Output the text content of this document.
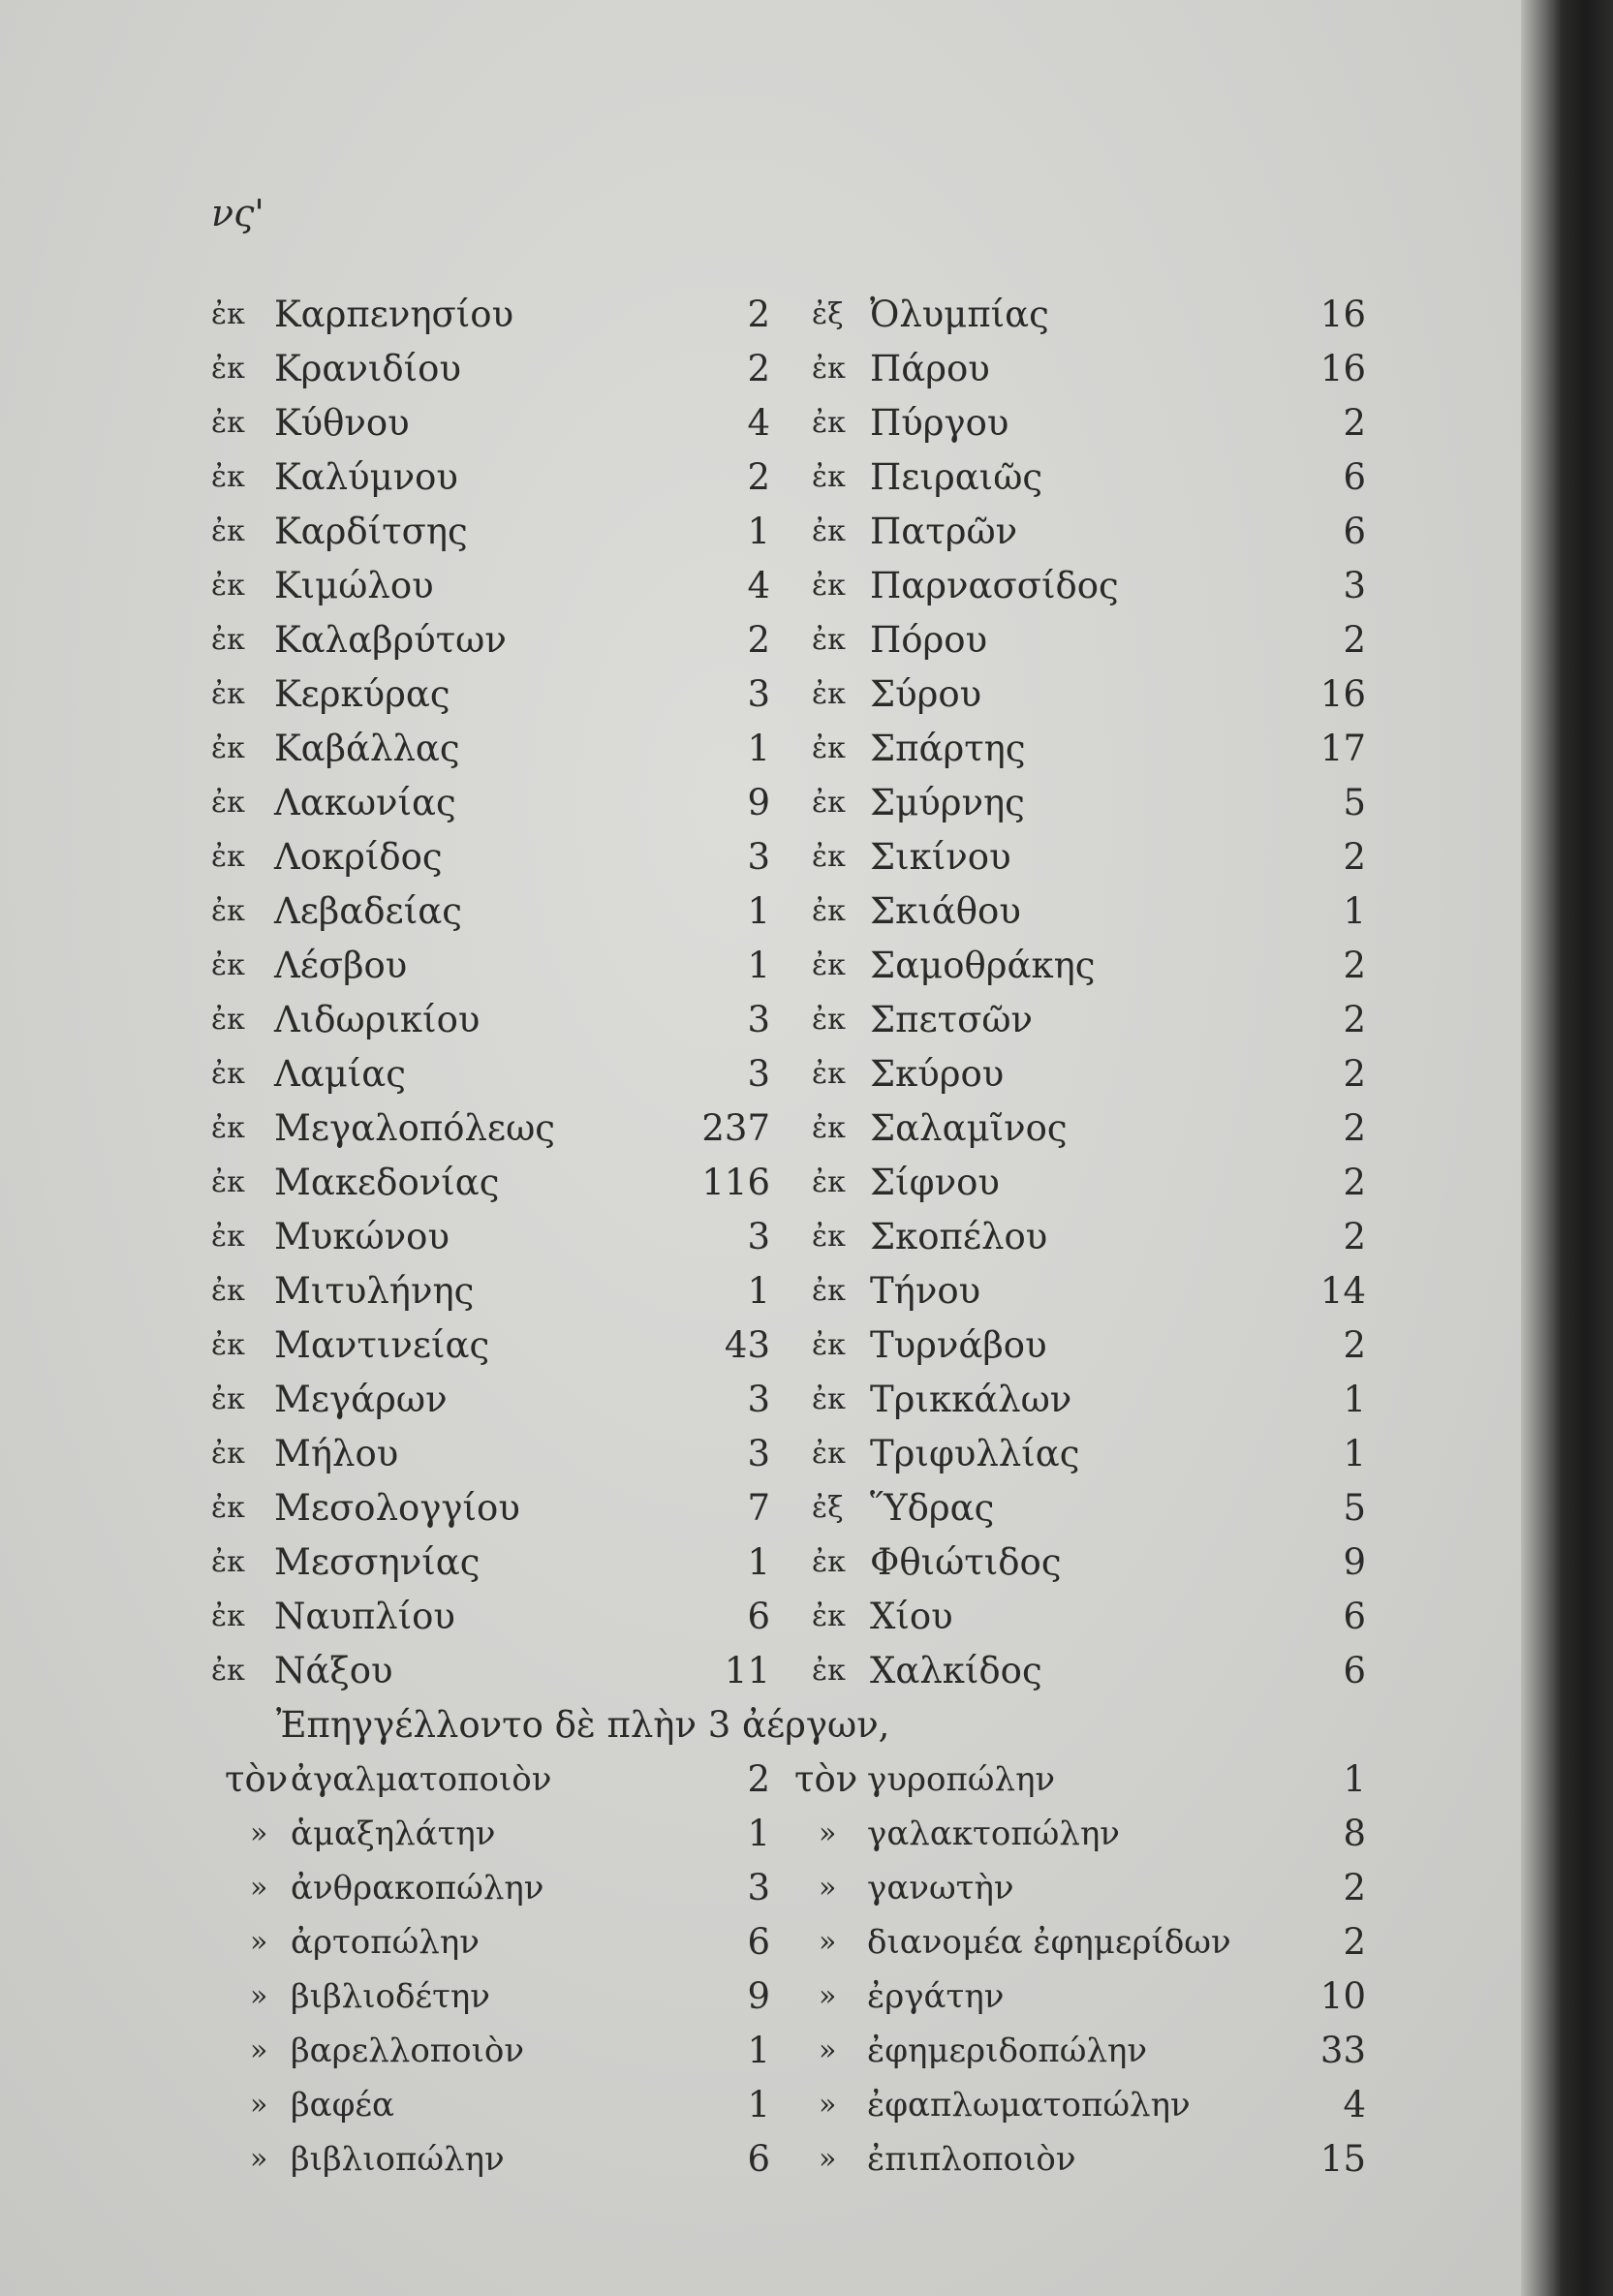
νς'
ἐκ Καρπενησίου	2 ἐξ Ὀλυμπίας	16
ἐκ Κρανιδίου	2 ἐκ Πάρου	16
ἐκ Κύθνου	4 ἐκ Πύργου	2
ἐκ Καλύμνου	2 ἐκ Πειραιῶς	6
ἐκ Καρδίτσης	1 ἐκ Πατρῶν	6
ἐκ Κιμώλου	4 ἐκ Παρνασσίδος	3
ἐκ Καλαβρύτων	2 ἐκ Πόρου	2
ἐκ Κερκύρας	3 ἐκ Σύρου	16
ἐκ Καβάλλας	1 ἐκ Σπάρτης	17
ἐκ Λακωνίας	9 ἐκ Σμύρνης	5
ἐκ Λοκρίδος	3 ἐκ Σικίνου	2
ἐκ Λεβαδείας	1 ἐκ Σκιάθου	1
ἐκ Λέσβου	1 ἐκ Σαμοθράκης	2
ἐκ Λιδωρικίου	3 ἐκ Σπετσῶν	2
ἐκ Λαμίας	3 ἐκ Σκύρου	2
ἐκ Μεγαλοπόλεως	237 ἐκ Σαλαμῖνος	2
ἐκ Μακεδονίας	116 ἐκ Σίφνου	2
ἐκ Μυκώνου	3 ἐκ Σκοπέλου	2
ἐκ Μιτυλήνης	1 ἐκ Τήνου	14
ἐκ Μαντινείας	43 ἐκ Τυρνάβου	2
ἐκ Μεγάρων	3 ἐκ Τρικκάλων	1
ἐκ Μήλου	3 ἐκ Τριφυλλίας	1
ἐκ Μεσολογγίου	7 ἐξ Ὕδρας	5
ἐκ Μεσσηνίας	1 ἐκ Φθιώτιδος	9
ἐκ Ναυπλίου	6 ἐκ Χίου	6
ἐκ Νάξου	11 ἐκ Χαλκίδος	6
Ἐπηγγέλλοντο δὲ πλὴν 3 ἀέργων,
τὸν ἀγαλματοποιὸν	2 τὸν γυροπώλην	1
» ἁμαξηλάτην	1 » γαλακτοπώλην	8
» ἀνθρακοπώλην	3 » γανωτὴν	2
» ἀρτοπώλην	6 » διανομέα ἐφημερίδων	2
» βιβλιοδέτην	9 » ἐργάτην	10
» βαρελλοποιὸν	1 » ἐφημεριδοπώλην	33
» βαφέα	1 » ἐφαπλωματοπώλην	4
» βιβλιοπώλην	6 » ἐπιπλοποιὸν	15
